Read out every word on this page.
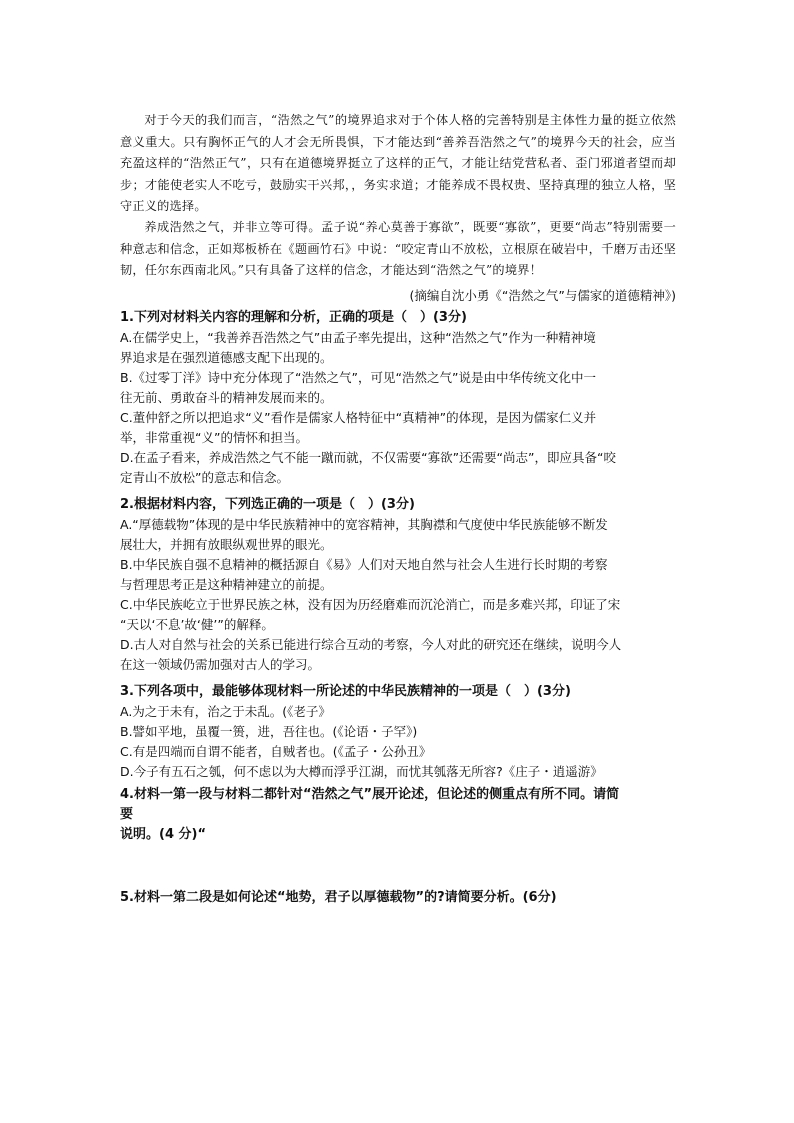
对于今天的我们而言，“浩然之气”的境界追求对于个体人格的完善特别是主体性力量的挺立依然意义重大。只有胸怀正气的人才会无所畏惧，下才能达到“善养吾浩然之气”的境界今天的社会，应当充盈这样的“浩然正气”，只有在道德境界挺立了这样的正气，才能让结党营私者、歪门邪道者望而却步；才能使老实人不吃亏，鼓励实干兴邦，，务实求道；才能养成不畏权贵、坚持真理的独立人格，坚守正义的选择。

养成浩然之气，并非立等可得。孟子说“养心莫善于寡欲”，既要“寡欲”，更要“尚志”特别需要一种意志和信念，正如郑板桥在《题画竹石》中说：“咬定青山不放松，立根原在破岩中，千磨万击还坚韧，任尔东西南北风。”只有具备了这样的信念，才能达到“浩然之气”的境界！

(摘编自沈小勇《“浩然之气”与儒家的道德精神》)

1.下列对材料关内容的理解和分析，正确的项是（　）(3分)

A.在儒学史上，“我善养吾浩然之气”由孟子率先提出，这种“浩然之气”作为一种精神境

界追求是在强烈道德感支配下出现的。

B.《过零丁洋》诗中充分体现了“浩然之气”，可见“浩然之气”说是由中华传统文化中一

往无前、勇敢奋斗的精神发展而来的。

C.董仲舒之所以把追求“义”看作是儒家人格特征中“真精神”的体现，是因为儒家仁义并

举，非常重视“义”的情怀和担当。

D.在孟子看来，养成浩然之气不能一蹴而就，不仅需要“寡欲”还需要“尚志”，即应具备“咬

定青山不放松”的意志和信念。

2.根据材料内容，下列选正确的一项是（　）(3分)

A.“厚德载物”体现的是中华民族精神中的宽容精神，其胸襟和气度使中华民族能够不断发

展壮大，并拥有放眼纵观世界的眼光。

B.中华民族自强不息精神的概括源自《易》人们对天地自然与社会人生进行长时期的考察

与哲理思考正是这种精神建立的前提。

C.中华民族屹立于世界民族之林，没有因为历经磨难而沉沦消亡，而是多难兴邦，印证了宋

“天以‘不息’故‘健’”的解释。

D.古人对自然与社会的关系已能进行综合互动的考察，今人对此的研究还在继续，说明今人

在这一领域仍需加强对古人的学习。

3.下列各项中，最能够体现材料一所论述的中华民族精神的一项是（　）(3分)

A.为之于未有，治之于未乱。(《老子》

B.譬如平地，虽覆一篑，进，吾往也。(《论语・子罕》)

C.有是四端而自谓不能者，自贼者也。(《孟子・公孙丑》

D.今子有五石之瓠，何不虑以为大樽而浮乎江湖，而忧其瓠落无所容?《庄子・逍遥游》

4.材料一第一段与材料二都针对“浩然之气”展开论述，但论述的侧重点有所不同。请简

要

说明。(4 分)“

5.材料一第二段是如何论述“地势，君子以厚德载物”的?请简要分析。(6分)
